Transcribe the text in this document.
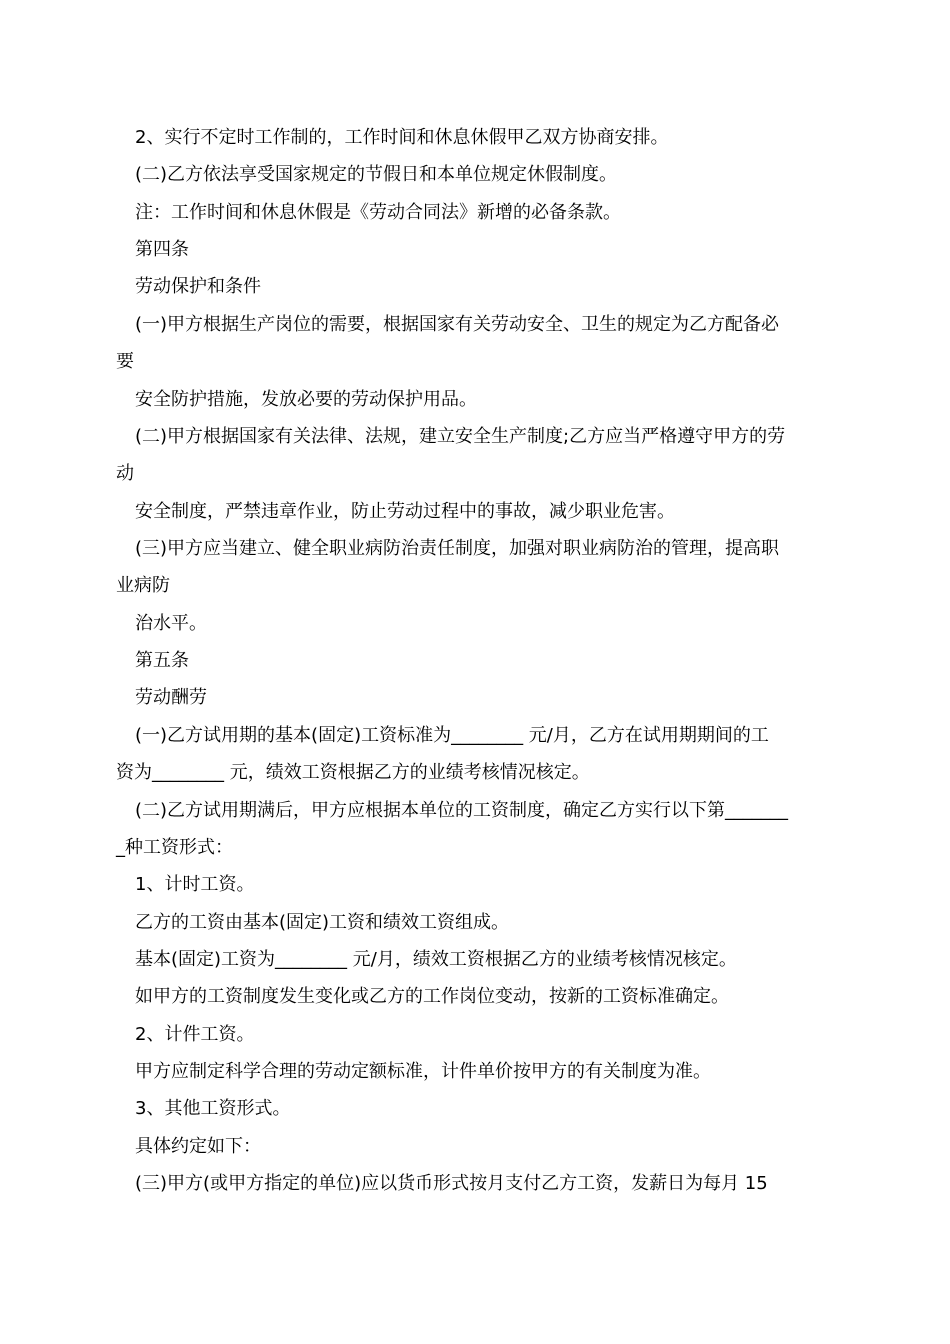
2、实行不定时工作制的，工作时间和休息休假甲乙双方协商安排。
(二)乙方依法享受国家规定的节假日和本单位规定休假制度。
注：工作时间和休息休假是《劳动合同法》新增的必备条款。
第四条
劳动保护和条件
(一)甲方根据生产岗位的需要，根据国家有关劳动安全、卫生的规定为乙方配备必
要
安全防护措施，发放必要的劳动保护用品。
(二)甲方根据国家有关法律、法规，建立安全生产制度;乙方应当严格遵守甲方的劳
动
安全制度，严禁违章作业，防止劳动过程中的事故，减少职业危害。
(三)甲方应当建立、健全职业病防治责任制度，加强对职业病防治的管理，提高职
业病防
治水平。
第五条
劳动酬劳
(一)乙方试用期的基本(固定)工资标准为________ 元/月，乙方在试用期期间的工
资为________ 元，绩效工资根据乙方的业绩考核情况核定。
(二)乙方试用期满后，甲方应根据本单位的工资制度，确定乙方实行以下第_______
_种工资形式：
1、计时工资。
乙方的工资由基本(固定)工资和绩效工资组成。
基本(固定)工资为________ 元/月，绩效工资根据乙方的业绩考核情况核定。
如甲方的工资制度发生变化或乙方的工作岗位变动，按新的工资标准确定。
2、计件工资。
甲方应制定科学合理的劳动定额标准，计件单价按甲方的有关制度为准。
3、其他工资形式。
具体约定如下：
(三)甲方(或甲方指定的单位)应以货币形式按月支付乙方工资，发薪日为每月 15
